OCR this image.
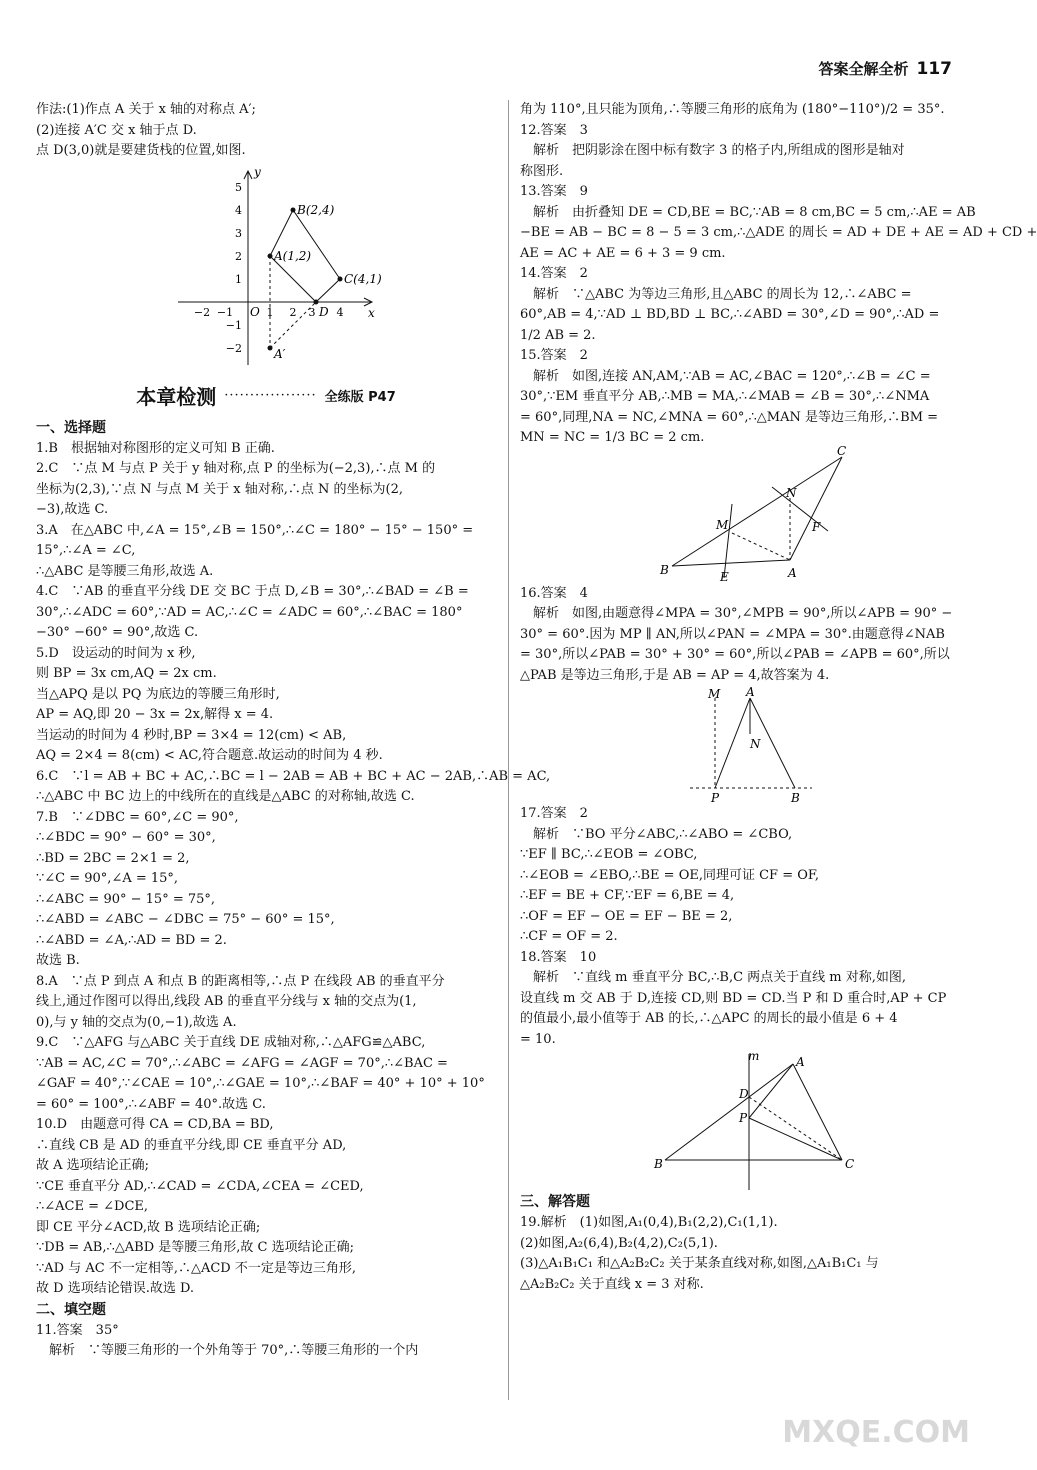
答案全解全析 117
作法:(1)作点 A 关于 x 轴的对称点 A′;
(2)连接 A′C 交 x 轴于点 D.
点 D(3,0)就是要建货栈的位置,如图.
y
x
O
B(2,4)
A(1,2)
C(4,1)
D
A′
−2 −1	1 2 3 4
5
4
3
2
1
−1
−2
本章检测 ·················· 全练版 P47
一、选择题
1.B　根据轴对称图形的定义可知 B 正确.
2.C　∵点 M 与点 P 关于 y 轴对称,点 P 的坐标为(−2,3),∴点 M 的
坐标为(2,3),∵点 N 与点 M 关于 x 轴对称,∴点 N 的坐标为(2,
−3),故选 C.
3.A　在△ABC 中,∠A = 15°,∠B = 150°,∴∠C = 180° − 15° − 150° =
15°,∴∠A = ∠C,
∴△ABC 是等腰三角形,故选 A.
4.C　∵AB 的垂直平分线 DE 交 BC 于点 D,∠B = 30°,∴∠BAD = ∠B =
30°,∴∠ADC = 60°,∵AD = AC,∴∠C = ∠ADC = 60°,∴∠BAC = 180°
−30° −60° = 90°,故选 C.
5.D　设运动的时间为 x 秒,
则 BP = 3x cm,AQ = 2x cm.
当△APQ 是以 PQ 为底边的等腰三角形时,
AP = AQ,即 20 − 3x = 2x,解得 x = 4.
当运动的时间为 4 秒时,BP = 3×4 = 12(cm) < AB,
AQ = 2×4 = 8(cm) < AC,符合题意.故运动的时间为 4 秒.
6.C　∵l = AB + BC + AC,∴BC = l − 2AB = AB + BC + AC − 2AB,∴AB = AC,
∴△ABC 中 BC 边上的中线所在的直线是△ABC 的对称轴,故选 C.
7.B　∵∠DBC = 60°,∠C = 90°,
∴∠BDC = 90° − 60° = 30°,
∴BD = 2BC = 2×1 = 2,
∵∠C = 90°,∠A = 15°,
∴∠ABC = 90° − 15° = 75°,
∴∠ABD = ∠ABC − ∠DBC = 75° − 60° = 15°,
∴∠ABD = ∠A,∴AD = BD = 2.
故选 B.
8.A　∵点 P 到点 A 和点 B 的距离相等,∴点 P 在线段 AB 的垂直平分
线上,通过作图可以得出,线段 AB 的垂直平分线与 x 轴的交点为(1,
0),与 y 轴的交点为(0,−1),故选 A.
9.C　∵△AFG 与△ABC 关于直线 DE 成轴对称,∴△AFG≌△ABC,
∵AB = AC,∠C = 70°,∴∠ABC = ∠AFG = ∠AGF = 70°,∴∠BAC =
∠GAF = 40°,∵∠CAE = 10°,∴∠GAE = 10°,∴∠BAF = 40° + 10° + 10°
= 60° = 100°,∴∠ABF = 40°.故选 C.
10.D　由题意可得 CA = CD,BA = BD,
∴直线 CB 是 AD 的垂直平分线,即 CE 垂直平分 AD,
故 A 选项结论正确;
∵CE 垂直平分 AD,∴∠CAD = ∠CDA,∠CEA = ∠CED,
∴∠ACE = ∠DCE,
即 CE 平分∠ACD,故 B 选项结论正确;
∵DB = AB,∴△ABD 是等腰三角形,故 C 选项结论正确;
∵AD 与 AC 不一定相等,∴△ACD 不一定是等边三角形,
故 D 选项结论错误.故选 D.
二、填空题
11.答案　35°
　解析　∵等腰三角形的一个外角等于 70°,∴等腰三角形的一个内
角为 110°,且只能为顶角,∴等腰三角形的底角为 (180°−110°)/2 = 35°.
12.答案　3
　解析　把阴影涂在图中标有数字 3 的格子内,所组成的图形是轴对
称图形.
13.答案　9
　解析　由折叠知 DE = CD,BE = BC,∵AB = 8 cm,BC = 5 cm,∴AE = AB
−BE = AB − BC = 8 − 5 = 3 cm,∴△ADE 的周长 = AD + DE + AE = AD + CD +
AE = AC + AE = 6 + 3 = 9 cm.
14.答案　2
　解析　∵△ABC 为等边三角形,且△ABC 的周长为 12,∴∠ABC =
60°,AB = 4,∵AD ⊥ BD,BD ⊥ BC,∴∠ABD = 30°,∠D = 90°,∴AD =
1/2 AB = 2.
15.答案　2
　解析　如图,连接 AN,AM,∵AB = AC,∠BAC = 120°,∴∠B = ∠C =
30°,∵EM 垂直平分 AB,∴MB = MA,∴∠MAB = ∠B = 30°,∴∠NMA
= 60°,同理,NA = NC,∠MNA = 60°,∴△MAN 是等边三角形,∴BM =
MN = NC = 1/3 BC = 2 cm.
B
C
A
E
M
N
F
16.答案　4
　解析　如图,由题意得∠MPA = 30°,∠MPB = 90°,所以∠APB = 90° −
30° = 60°.因为 MP ∥ AN,所以∠PAN = ∠MPA = 30°.由题意得∠NAB
= 30°,所以∠PAB = 30° + 30° = 60°,所以∠PAB = ∠APB = 60°,所以
△PAB 是等边三角形,于是 AB = AP = 4,故答案为 4.
M A
N
P	B
17.答案　2
　解析　∵BO 平分∠ABC,∴∠ABO = ∠CBO,
∵EF ∥ BC,∴∠EOB = ∠OBC,
∴∠EOB = ∠EBO,∴BE = OE,同理可证 CF = OF,
∴EF = BE + CF,∵EF = 6,BE = 4,
∴OF = EF − OE = EF − BE = 2,
∴CF = OF = 2.
18.答案　10
　解析　∵直线 m 垂直平分 BC,∴B,C 两点关于直线 m 对称,如图,
设直线 m 交 AB 于 D,连接 CD,则 BD = CD.当 P 和 D 重合时,AP + CP
的值最小,最小值等于 AB 的长,∴△APC 的周长的最小值是 6 + 4
= 10.
m	A
D
P
B	C
三、解答题
19.解析　(1)如图,A₁(0,4),B₁(2,2),C₁(1,1).
(2)如图,A₂(6,4),B₂(4,2),C₂(5,1).
(3)△A₁B₁C₁ 和△A₂B₂C₂ 关于某条直线对称,如图,△A₁B₁C₁ 与
△A₂B₂C₂ 关于直线 x = 3 对称.
MXQE.COM
